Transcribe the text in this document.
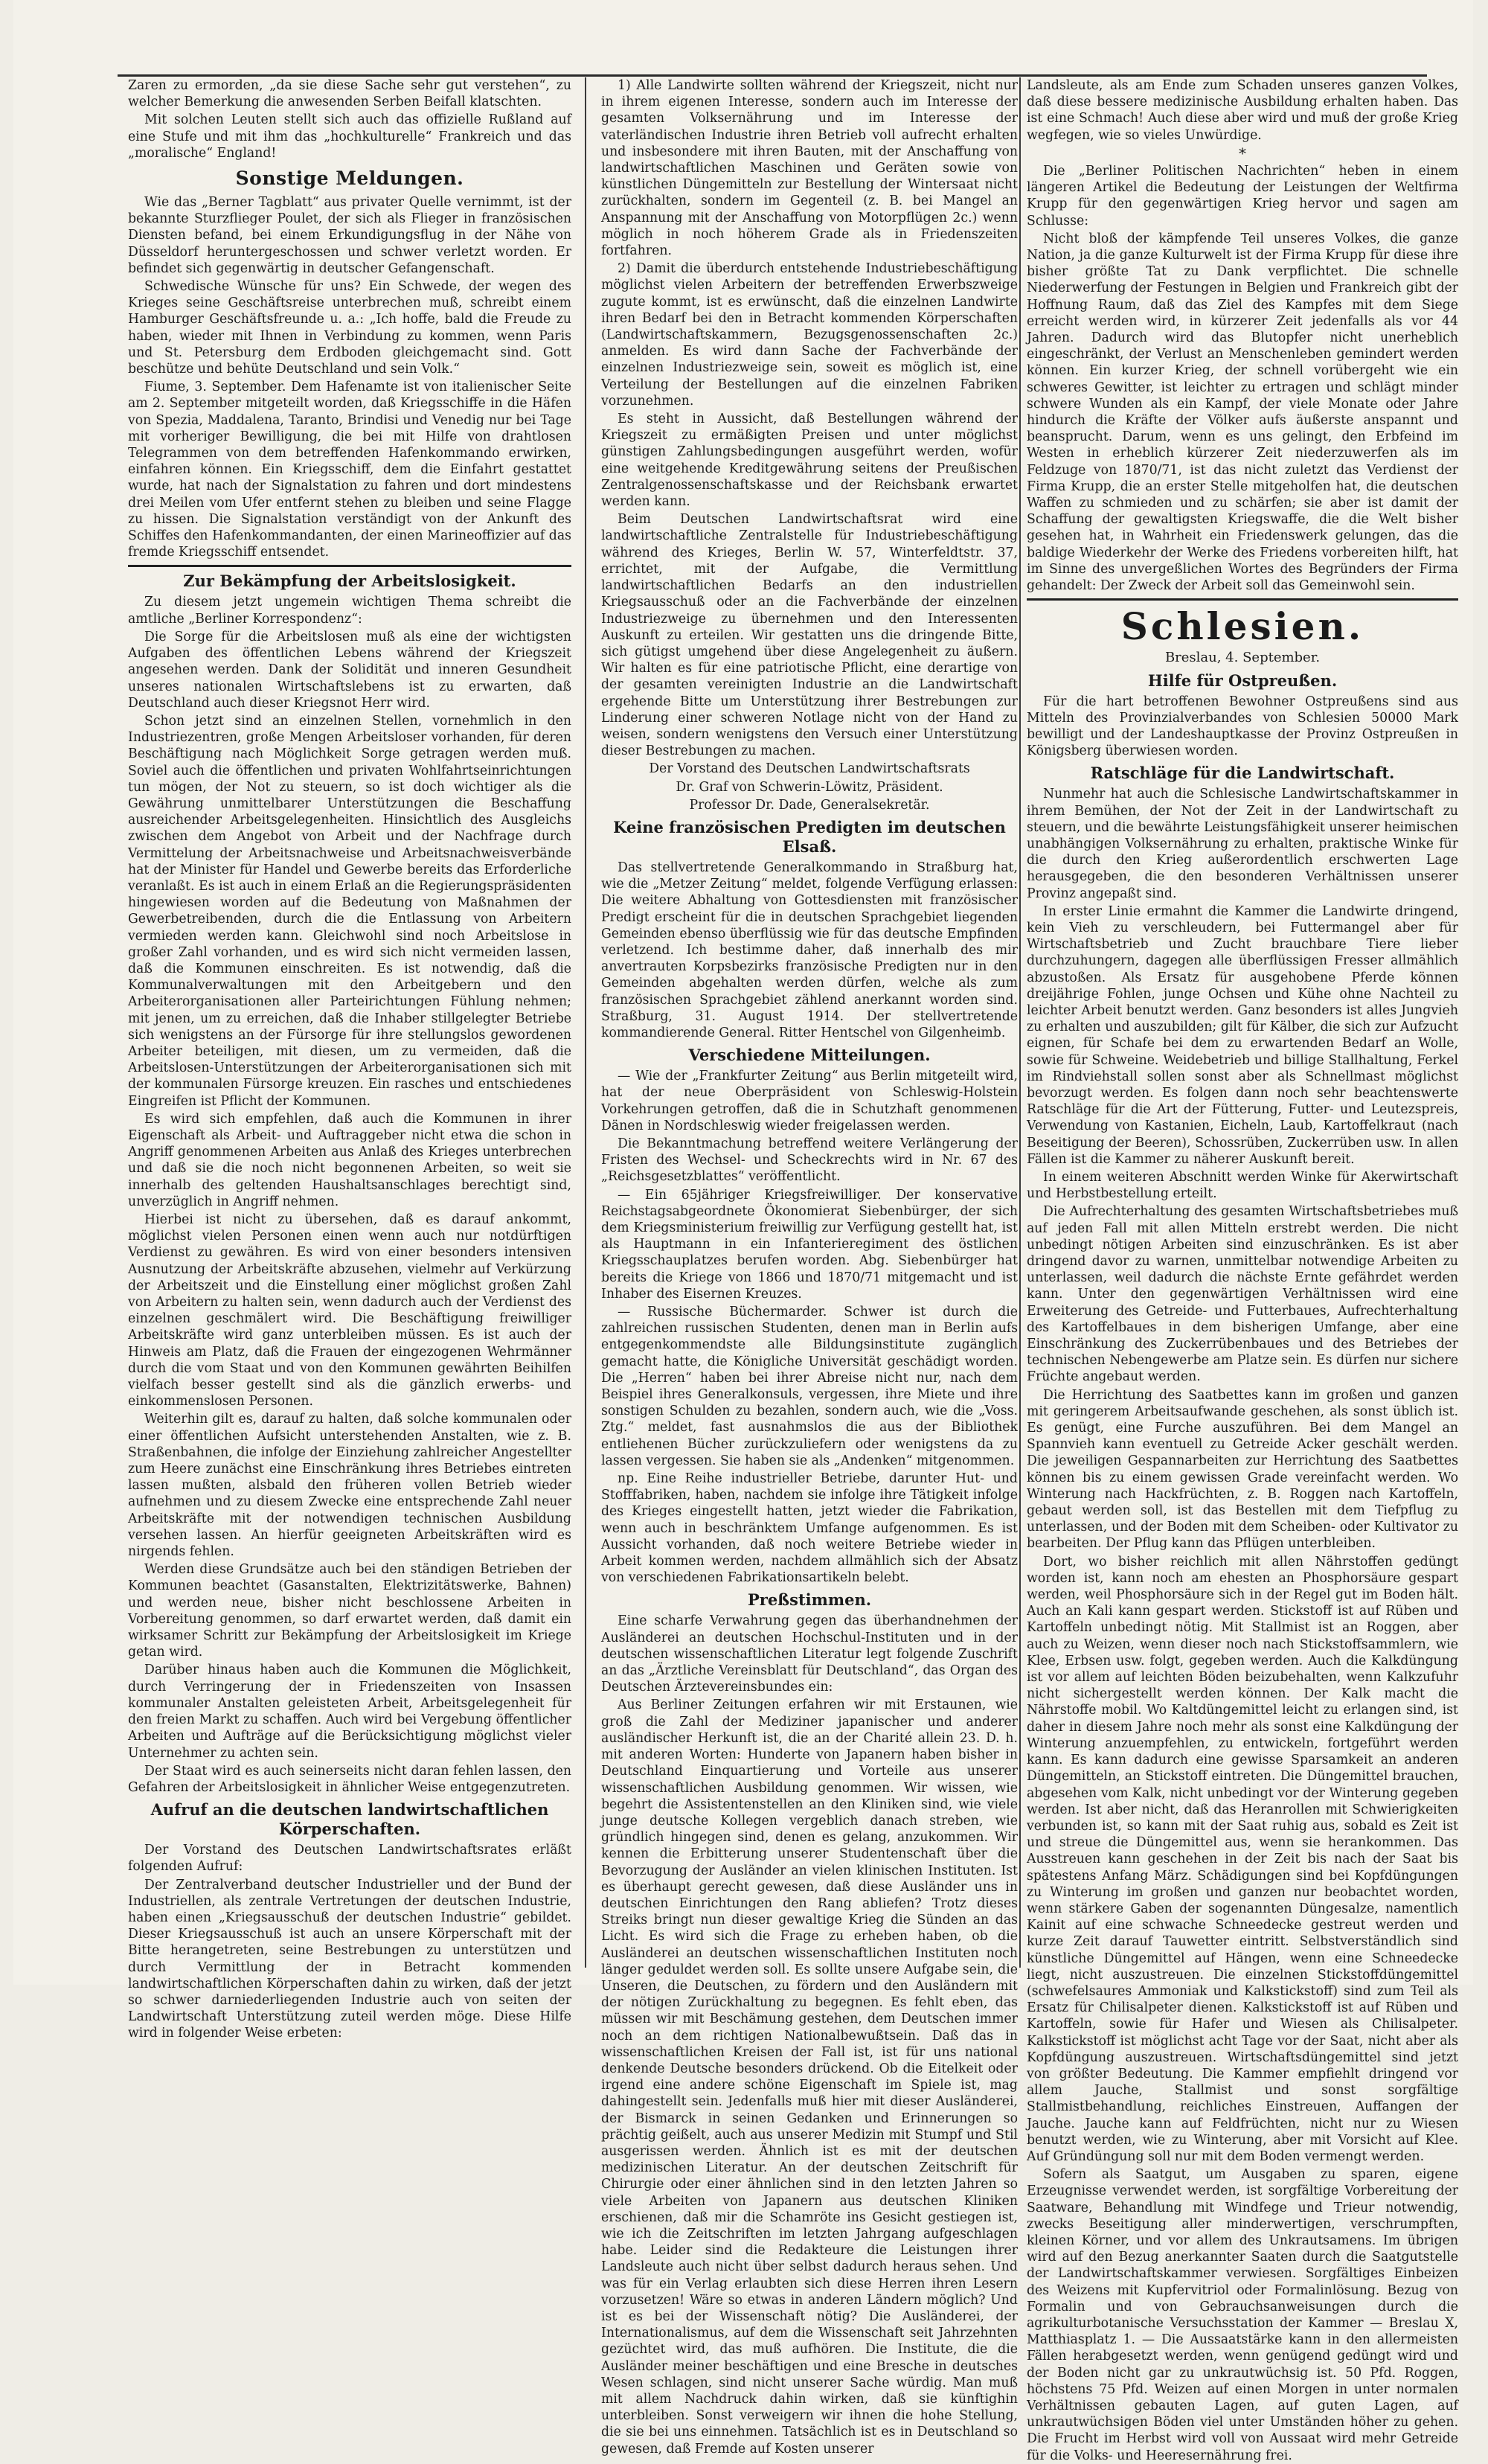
Zaren zu ermorden, „da sie diese Sache sehr gut verstehen“, zu welcher Bemerkung die anwesenden Serben Beifall klatschten.

Mit solchen Leuten stellt sich auch das offizielle Rußland auf eine Stufe und mit ihm das „hochkulturelle“ Frankreich und das „moralische“ England!

Sonstige Meldungen.

Wie das „Berner Tagblatt“ aus privater Quelle vernimmt, ist der bekannte Sturzflieger Poulet, der sich als Flieger in französischen Diensten befand, bei einem Erkundigungsflug in der Nähe von Düsseldorf heruntergeschossen und schwer verletzt worden. Er befindet sich gegenwärtig in deutscher Gefangenschaft.

Schwedische Wünsche für uns? Ein Schwede, der wegen des Krieges seine Geschäftsreise unterbrechen muß, schreibt einem Hamburger Geschäftsfreunde u. a.: „Ich hoffe, bald die Freude zu haben, wieder mit Ihnen in Verbindung zu kommen, wenn Paris und St. Petersburg dem Erdboden gleichgemacht sind. Gott beschütze und behüte Deutschland und sein Volk.“

Fiume, 3. September. Dem Hafenamte ist von italienischer Seite am 2. September mitgeteilt worden, daß Kriegsschiffe in die Häfen von Spezia, Maddalena, Taranto, Brindisi und Venedig nur bei Tage mit vorheriger Bewilligung, die bei mit Hilfe von drahtlosen Telegrammen von dem betreffenden Hafenkommando erwirken, einfahren können. Ein Kriegsschiff, dem die Einfahrt gestattet wurde, hat nach der Signalstation zu fahren und dort mindestens drei Meilen vom Ufer entfernt stehen zu bleiben und seine Flagge zu hissen. Die Signalstation verständigt von der Ankunft des Schiffes den Hafenkommandanten, der einen Marineoffizier auf das fremde Kriegsschiff entsendet.

Zur Bekämpfung der Arbeitslosigkeit.

Zu diesem jetzt ungemein wichtigen Thema schreibt die amtliche „Berliner Korrespondenz“:

Die Sorge für die Arbeitslosen muß als eine der wichtigsten Aufgaben des öffentlichen Lebens während der Kriegszeit angesehen werden. Dank der Solidität und inneren Gesundheit unseres nationalen Wirtschaftslebens ist zu erwarten, daß Deutschland auch dieser Kriegsnot Herr wird.

Schon jetzt sind an einzelnen Stellen, vornehmlich in den Industriezentren, große Mengen Arbeitsloser vorhanden, für deren Beschäftigung nach Möglichkeit Sorge getragen werden muß. Soviel auch die öffentlichen und privaten Wohlfahrtseinrichtungen tun mögen, der Not zu steuern, so ist doch wichtiger als die Gewährung unmittelbarer Unterstützungen die Beschaffung ausreichender Arbeitsgelegenheiten. Hinsichtlich des Ausgleichs zwischen dem Angebot von Arbeit und der Nachfrage durch Vermittelung der Arbeitsnachweise und Arbeitsnachweisverbände hat der Minister für Handel und Gewerbe bereits das Erforderliche veranlaßt. Es ist auch in einem Erlaß an die Regierungspräsidenten hingewiesen worden auf die Bedeutung von Maßnahmen der Gewerbetreibenden, durch die die Entlassung von Arbeitern vermieden werden kann. Gleichwohl sind noch Arbeitslose in großer Zahl vorhanden, und es wird sich nicht vermeiden lassen, daß die Kommunen einschreiten. Es ist notwendig, daß die Kommunalverwaltungen mit den Arbeitgebern und den Arbeiterorganisationen aller Parteirichtungen Fühlung nehmen; mit jenen, um zu erreichen, daß die Inhaber stillgelegter Betriebe sich wenigstens an der Fürsorge für ihre stellungslos gewordenen Arbeiter beteiligen, mit diesen, um zu vermeiden, daß die Arbeitslosen-Unterstützungen der Arbeiterorganisationen sich mit der kommunalen Fürsorge kreuzen. Ein rasches und entschiedenes Eingreifen ist Pflicht der Kommunen.

Es wird sich empfehlen, daß auch die Kommunen in ihrer Eigenschaft als Arbeit- und Auftraggeber nicht etwa die schon in Angriff genommenen Arbeiten aus Anlaß des Krieges unterbrechen und daß sie die noch nicht begonnenen Arbeiten, so weit sie innerhalb des geltenden Haushaltsanschlages berechtigt sind, unverzüglich in Angriff nehmen.

Hierbei ist nicht zu übersehen, daß es darauf ankommt, möglichst vielen Personen einen wenn auch nur notdürftigen Verdienst zu gewähren. Es wird von einer besonders intensiven Ausnutzung der Arbeitskräfte abzusehen, vielmehr auf Verkürzung der Arbeitszeit und die Einstellung einer möglichst großen Zahl von Arbeitern zu halten sein, wenn dadurch auch der Verdienst des einzelnen geschmälert wird. Die Beschäftigung freiwilliger Arbeitskräfte wird ganz unterbleiben müssen. Es ist auch der Hinweis am Platz, daß die Frauen der eingezogenen Wehrmänner durch die vom Staat und von den Kommunen gewährten Beihilfen vielfach besser gestellt sind als die gänzlich erwerbs- und einkommenslosen Personen.

Weiterhin gilt es, darauf zu halten, daß solche kommunalen oder einer öffentlichen Aufsicht unterstehenden Anstalten, wie z. B. Straßenbahnen, die infolge der Einziehung zahlreicher Angestellter zum Heere zunächst eine Einschränkung ihres Betriebes eintreten lassen mußten, alsbald den früheren vollen Betrieb wieder aufnehmen und zu diesem Zwecke eine entsprechende Zahl neuer Arbeitskräfte mit der notwendigen technischen Ausbildung versehen lassen. An hierfür geeigneten Arbeitskräften wird es nirgends fehlen.

Werden diese Grundsätze auch bei den ständigen Betrieben der Kommunen beachtet (Gasanstalten, Elektrizitätswerke, Bahnen) und werden neue, bisher nicht beschlossene Arbeiten in Vorbereitung genommen, so darf erwartet werden, daß damit ein wirksamer Schritt zur Bekämpfung der Arbeitslosigkeit im Kriege getan wird.

Darüber hinaus haben auch die Kommunen die Möglichkeit, durch Verringerung der in Friedenszeiten von Insassen kommunaler Anstalten geleisteten Arbeit, Arbeitsgelegenheit für den freien Markt zu schaffen. Auch wird bei Vergebung öffentlicher Arbeiten und Aufträge auf die Berücksichtigung möglichst vieler Unternehmer zu achten sein.

Der Staat wird es auch seinerseits nicht daran fehlen lassen, den Gefahren der Arbeitslosigkeit in ähnlicher Weise entgegenzutreten.

Aufruf an die deutschen landwirtschaftlichen Körperschaften.

Der Vorstand des Deutschen Landwirtschaftsrates erläßt folgenden Aufruf:

Der Zentralverband deutscher Industrieller und der Bund der Industriellen, als zentrale Vertretungen der deutschen Industrie, haben einen „Kriegsausschuß der deutschen Industrie“ gebildet. Dieser Kriegsausschuß ist auch an unsere Körperschaft mit der Bitte herangetreten, seine Bestrebungen zu unterstützen und durch Vermittlung der in Betracht kommenden landwirtschaftlichen Körperschaften dahin zu wirken, daß der jetzt so schwer darniederliegenden Industrie auch von seiten der Landwirtschaft Unterstützung zuteil werden möge. Diese Hilfe wird in folgender Weise erbeten:

1) Alle Landwirte sollten während der Kriegszeit, nicht nur in ihrem eigenen Interesse, sondern auch im Interesse der gesamten Volksernährung und im Interesse der vaterländischen Industrie ihren Betrieb voll aufrecht erhalten und insbesondere mit ihren Bauten, mit der Anschaffung von landwirtschaftlichen Maschinen und Geräten sowie von künstlichen Düngemitteln zur Bestellung der Wintersaat nicht zurückhalten, sondern im Gegenteil (z. B. bei Mangel an Anspannung mit der Anschaffung von Motorpflügen 2c.) wenn möglich in noch höherem Grade als in Friedenszeiten fortfahren.

2) Damit die überdurch entstehende Industriebeschäftigung möglichst vielen Arbeitern der betreffenden Erwerbszweige zugute kommt, ist es erwünscht, daß die einzelnen Landwirte ihren Bedarf bei den in Betracht kommenden Körperschaften (Landwirtschaftskammern, Bezugsgenossenschaften 2c.) anmelden. Es wird dann Sache der Fachverbände der einzelnen Industriezweige sein, soweit es möglich ist, eine Verteilung der Bestellungen auf die einzelnen Fabriken vorzunehmen.

Es steht in Aussicht, daß Bestellungen während der Kriegszeit zu ermäßigten Preisen und unter möglichst günstigen Zahlungsbedingungen ausgeführt werden, wofür eine weitgehende Kreditgewährung seitens der Preußischen Zentralgenossenschaftskasse und der Reichsbank erwartet werden kann.

Beim Deutschen Landwirtschaftsrat wird eine landwirtschaftliche Zentralstelle für Industriebeschäftigung während des Krieges, Berlin W. 57, Winterfeldtstr. 37, errichtet, mit der Aufgabe, die Vermittlung landwirtschaftlichen Bedarfs an den industriellen Kriegsausschuß oder an die Fachverbände der einzelnen Industriezweige zu übernehmen und den Interessenten Auskunft zu erteilen. Wir gestatten uns die dringende Bitte, sich gütigst umgehend über diese Angelegenheit zu äußern. Wir halten es für eine patriotische Pflicht, eine derartige von der gesamten vereinigten Industrie an die Landwirtschaft ergehende Bitte um Unterstützung ihrer Bestrebungen zur Linderung einer schweren Notlage nicht von der Hand zu weisen, sondern wenigstens den Versuch einer Unterstützung dieser Bestrebungen zu machen.

Der Vorstand des Deutschen Landwirtschaftsrats

Dr. Graf von Schwerin-Löwitz, Präsident.

Professor Dr. Dade, Generalsekretär.

Keine französischen Predigten im deutschen Elsaß.

Das stellvertretende Generalkommando in Straßburg hat, wie die „Metzer Zeitung“ meldet, folgende Verfügung erlassen: Die weitere Abhaltung von Gottesdiensten mit französischer Predigt erscheint für die in deutschen Sprachgebiet liegenden Gemeinden ebenso überflüssig wie für das deutsche Empfinden verletzend. Ich bestimme daher, daß innerhalb des mir anvertrauten Korpsbezirks französische Predigten nur in den Gemeinden abgehalten werden dürfen, welche als zum französischen Sprachgebiet zählend anerkannt worden sind. Straßburg, 31. August 1914. Der stellvertretende kommandierende General. Ritter Hentschel von Gilgenheimb.

Verschiedene Mitteilungen.

— Wie der „Frankfurter Zeitung“ aus Berlin mitgeteilt wird, hat der neue Oberpräsident von Schleswig-Holstein Vorkehrungen getroffen, daß die in Schutzhaft genommenen Dänen in Nordschleswig wieder freigelassen werden.

Die Bekanntmachung betreffend weitere Verlängerung der Fristen des Wechsel- und Scheckrechts wird in Nr. 67 des „Reichsgesetzblattes“ veröffentlicht.

— Ein 65jähriger Kriegsfreiwilliger. Der konservative Reichstagsabgeordnete Ökonomierat Siebenbürger, der sich dem Kriegsministerium freiwillig zur Verfügung gestellt hat, ist als Hauptmann in ein Infanterieregiment des östlichen Kriegsschauplatzes berufen worden. Abg. Siebenbürger hat bereits die Kriege von 1866 und 1870/71 mitgemacht und ist Inhaber des Eisernen Kreuzes.

— Russische Büchermarder. Schwer ist durch die zahlreichen russischen Studenten, denen man in Berlin aufs entgegenkommendste alle Bildungsinstitute zugänglich gemacht hatte, die Königliche Universität geschädigt worden. Die „Herren“ haben bei ihrer Abreise nicht nur, nach dem Beispiel ihres Generalkonsuls, vergessen, ihre Miete und ihre sonstigen Schulden zu bezahlen, sondern auch, wie die „Voss. Ztg.“ meldet, fast ausnahmslos die aus der Bibliothek entliehenen Bücher zurückzuliefern oder wenigstens da zu lassen vergessen. Sie haben sie als „Andenken“ mitgenommen.

np. Eine Reihe industrieller Betriebe, darunter Hut- und Stofffabriken, haben, nachdem sie infolge ihre Tätigkeit infolge des Krieges eingestellt hatten, jetzt wieder die Fabrikation, wenn auch in beschränktem Umfange aufgenommen. Es ist Aussicht vorhanden, daß noch weitere Betriebe wieder in Arbeit kommen werden, nachdem allmählich sich der Absatz von verschiedenen Fabrikationsartikeln belebt.

Preßstimmen.

Eine scharfe Verwahrung gegen das überhandnehmen der Ausländerei an deutschen Hochschul-Instituten und in der deutschen wissenschaftlichen Literatur legt folgende Zuschrift an das „Ärztliche Vereinsblatt für Deutschland“, das Organ des Deutschen Ärztevereinsbundes ein:

Aus Berliner Zeitungen erfahren wir mit Erstaunen, wie groß die Zahl der Mediziner japanischer und anderer ausländischer Herkunft ist, die an der Charité allein 23. D. h. mit anderen Worten: Hunderte von Japanern haben bisher in Deutschland Einquartierung und Vorteile aus unserer wissenschaftlichen Ausbildung genommen. Wir wissen, wie begehrt die Assistentenstellen an den Kliniken sind, wie viele junge deutsche Kollegen vergeblich danach streben, wie gründlich hingegen sind, denen es gelang, anzukommen. Wir kennen die Erbitterung unserer Studentenschaft über die Bevorzugung der Ausländer an vielen klinischen Instituten. Ist es überhaupt gerecht gewesen, daß diese Ausländer uns in deutschen Einrichtungen den Rang abliefen? Trotz dieses Streiks bringt nun dieser gewaltige Krieg die Sünden an das Licht. Es wird sich die Frage zu erheben haben, ob die Ausländerei an deutschen wissenschaftlichen Instituten noch länger geduldet werden soll. Es sollte unsere Aufgabe sein, die Unseren, die Deutschen, zu fördern und den Ausländern mit der nötigen Zurückhaltung zu begegnen. Es fehlt eben, das müssen wir mit Beschämung gestehen, dem Deutschen immer noch an dem richtigen Nationalbewußtsein. Daß das in wissenschaftlichen Kreisen der Fall ist, ist für uns national denkende Deutsche besonders drückend. Ob die Eitelkeit oder irgend eine andere schöne Eigenschaft im Spiele ist, mag dahingestellt sein. Jedenfalls muß hier mit dieser Ausländerei, der Bismarck in seinen Gedanken und Erinnerungen so prächtig geißelt, auch aus unserer Medizin mit Stumpf und Stil ausgerissen werden. Ähnlich ist es mit der deutschen medizinischen Literatur. An der deutschen Zeitschrift für Chirurgie oder einer ähnlichen sind in den letzten Jahren so viele Arbeiten von Japanern aus deutschen Kliniken erschienen, daß mir die Schamröte ins Gesicht gestiegen ist, wie ich die Zeitschriften im letzten Jahrgang aufgeschlagen habe. Leider sind die Redakteure die Leistungen ihrer Landsleute auch nicht über selbst dadurch heraus sehen. Und was für ein Verlag erlaubten sich diese Herren ihren Lesern vorzusetzen! Wäre so etwas in anderen Ländern möglich? Und ist es bei der Wissenschaft nötig? Die Ausländerei, der Internationalismus, auf dem die Wissenschaft seit Jahrzehnten gezüchtet wird, das muß aufhören. Die Institute, die die Ausländer meiner beschäftigen und eine Bresche in deutsches Wesen schlagen, sind nicht unserer Sache würdig. Man muß mit allem Nachdruck dahin wirken, daß sie künftighin unterbleiben. Sonst verweigern wir ihnen die hohe Stellung, die sie bei uns einnehmen. Tatsächlich ist es in Deutschland so gewesen, daß Fremde auf Kosten unserer

Landsleute, als am Ende zum Schaden unseres ganzen Volkes, daß diese bessere medizinische Ausbildung erhalten haben. Das ist eine Schmach! Auch diese aber wird und muß der große Krieg wegfegen, wie so vieles Unwürdige.

*

Die „Berliner Politischen Nachrichten“ heben in einem längeren Artikel die Bedeutung der Leistungen der Weltfirma Krupp für den gegenwärtigen Krieg hervor und sagen am Schlusse:

Nicht bloß der kämpfende Teil unseres Volkes, die ganze Nation, ja die ganze Kulturwelt ist der Firma Krupp für diese ihre bisher größte Tat zu Dank verpflichtet. Die schnelle Niederwerfung der Festungen in Belgien und Frankreich gibt der Hoffnung Raum, daß das Ziel des Kampfes mit dem Siege erreicht werden wird, in kürzerer Zeit jedenfalls als vor 44 Jahren. Dadurch wird das Blutopfer nicht unerheblich eingeschränkt, der Verlust an Menschenleben gemindert werden können. Ein kurzer Krieg, der schnell vorübergeht wie ein schweres Gewitter, ist leichter zu ertragen und schlägt minder schwere Wunden als ein Kampf, der viele Monate oder Jahre hindurch die Kräfte der Völker aufs äußerste anspannt und beansprucht. Darum, wenn es uns gelingt, den Erbfeind im Westen in erheblich kürzerer Zeit niederzuwerfen als im Feldzuge von 1870/71, ist das nicht zuletzt das Verdienst der Firma Krupp, die an erster Stelle mitgeholfen hat, die deutschen Waffen zu schmieden und zu schärfen; sie aber ist damit der Schaffung der gewaltigsten Kriegswaffe, die die Welt bisher gesehen hat, in Wahrheit ein Friedenswerk gelungen, das die baldige Wiederkehr der Werke des Friedens vorbereiten hilft, hat im Sinne des unvergeßlichen Wortes des Begründers der Firma gehandelt: Der Zweck der Arbeit soll das Gemeinwohl sein.

Schlesien.
Breslau, 4. September.
Hilfe für Ostpreußen.

Für die hart betroffenen Bewohner Ostpreußens sind aus Mitteln des Provinzialverbandes von Schlesien 50000 Mark bewilligt und der Landeshauptkasse der Provinz Ostpreußen in Königsberg überwiesen worden.

Ratschläge für die Landwirtschaft.

Nunmehr hat auch die Schlesische Landwirtschaftskammer in ihrem Bemühen, der Not der Zeit in der Landwirtschaft zu steuern, und die bewährte Leistungsfähigkeit unserer heimischen unabhängigen Volksernährung zu erhalten, praktische Winke für die durch den Krieg außerordentlich erschwerten Lage herausgegeben, die den besonderen Verhältnissen unserer Provinz angepaßt sind.

In erster Linie ermahnt die Kammer die Landwirte dringend, kein Vieh zu verschleudern, bei Futtermangel aber für Wirtschaftsbetrieb und Zucht brauchbare Tiere lieber durchzuhungern, dagegen alle überflüssigen Fresser allmählich abzustoßen. Als Ersatz für ausgehobene Pferde können dreijährige Fohlen, junge Ochsen und Kühe ohne Nachteil zu leichter Arbeit benutzt werden. Ganz besonders ist alles Jungvieh zu erhalten und auszubilden; gilt für Kälber, die sich zur Aufzucht eignen, für Schafe bei dem zu erwartenden Bedarf an Wolle, sowie für Schweine. Weidebetrieb und billige Stallhaltung, Ferkel im Rindviehstall sollen sonst aber als Schnellmast möglichst bevorzugt werden. Es folgen dann noch sehr beachtenswerte Ratschläge für die Art der Fütterung, Futter- und Leutezspreis, Verwendung von Kastanien, Eicheln, Laub, Kartoffelkraut (nach Beseitigung der Beeren), Schossrüben, Zuckerrüben usw. In allen Fällen ist die Kammer zu näherer Auskunft bereit.

In einem weiteren Abschnitt werden Winke für Akerwirtschaft und Herbstbestellung erteilt.

Die Aufrechterhaltung des gesamten Wirtschaftsbetriebes muß auf jeden Fall mit allen Mitteln erstrebt werden. Die nicht unbedingt nötigen Arbeiten sind einzuschränken. Es ist aber dringend davor zu warnen, unmittelbar notwendige Arbeiten zu unterlassen, weil dadurch die nächste Ernte gefährdet werden kann. Unter den gegenwärtigen Verhältnissen wird eine Erweiterung des Getreide- und Futterbaues, Aufrechterhaltung des Kartoffelbaues in dem bisherigen Umfange, aber eine Einschränkung des Zuckerrübenbaues und des Betriebes der technischen Nebengewerbe am Platze sein. Es dürfen nur sichere Früchte angebaut werden.

Die Herrichtung des Saatbettes kann im großen und ganzen mit geringerem Arbeitsaufwande geschehen, als sonst üblich ist. Es genügt, eine Furche auszuführen. Bei dem Mangel an Spannvieh kann eventuell zu Getreide Acker geschält werden. Die jeweiligen Gespannarbeiten zur Herrichtung des Saatbettes können bis zu einem gewissen Grade vereinfacht werden. Wo Winterung nach Hackfrüchten, z. B. Roggen nach Kartoffeln, gebaut werden soll, ist das Bestellen mit dem Tiefpflug zu unterlassen, und der Boden mit dem Scheiben- oder Kultivator zu bearbeiten. Der Pflug kann das Pflügen unterbleiben.

Dort, wo bisher reichlich mit allen Nährstoffen gedüngt worden ist, kann noch am ehesten an Phosphorsäure gespart werden, weil Phosphorsäure sich in der Regel gut im Boden hält. Auch an Kali kann gespart werden. Stickstoff ist auf Rüben und Kartoffeln unbedingt nötig. Mit Stallmist ist an Roggen, aber auch zu Weizen, wenn dieser noch nach Stickstoffsammlern, wie Klee, Erbsen usw. folgt, gegeben werden. Auch die Kalkdüngung ist vor allem auf leichten Böden beizubehalten, wenn Kalkzufuhr nicht sichergestellt werden können. Der Kalk macht die Nährstoffe mobil. Wo Kaltdüngemittel leicht zu erlangen sind, ist daher in diesem Jahre noch mehr als sonst eine Kalkdüngung der Winterung anzuempfehlen, zu entwickeln, fortgeführt werden kann. Es kann dadurch eine gewisse Sparsamkeit an anderen Düngemitteln, an Stickstoff eintreten. Die Düngemittel brauchen, abgesehen vom Kalk, nicht unbedingt vor der Winterung gegeben werden. Ist aber nicht, daß das Heranrollen mit Schwierigkeiten verbunden ist, so kann mit der Saat ruhig aus, sobald es Zeit ist und streue die Düngemittel aus, wenn sie herankommen. Das Ausstreuen kann geschehen in der Zeit bis nach der Saat bis spätestens Anfang März. Schädigungen sind bei Kopfdüngungen zu Winterung im großen und ganzen nur beobachtet worden, wenn stärkere Gaben der sogenannten Düngesalze, namentlich Kainit auf eine schwache Schneedecke gestreut werden und kurze Zeit darauf Tauwetter eintritt. Selbstverständlich sind künstliche Düngemittel auf Hängen, wenn eine Schneedecke liegt, nicht auszustreuen. Die einzelnen Stickstoffdüngemittel (schwefelsaures Ammoniak und Kalkstickstoff) sind zum Teil als Ersatz für Chilisalpeter dienen. Kalkstickstoff ist auf Rüben und Kartoffeln, sowie für Hafer und Wiesen als Chilisalpeter. Kalkstickstoff ist möglichst acht Tage vor der Saat, nicht aber als Kopfdüngung auszustreuen. Wirtschaftsdüngemittel sind jetzt von größter Bedeutung. Die Kammer empfiehlt dringend vor allem Jauche, Stallmist und sonst sorgfältige Stallmistbehandlung, reichliches Einstreuen, Auffangen der Jauche. Jauche kann auf Feldfrüchten, nicht nur zu Wiesen benutzt werden, wie zu Winterung, aber mit Vorsicht auf Klee. Auf Gründüngung soll nur mit dem Boden vermengt werden.

Sofern als Saatgut, um Ausgaben zu sparen, eigene Erzeugnisse verwendet werden, ist sorgfältige Vorbereitung der Saatware, Behandlung mit Windfege und Trieur notwendig, zwecks Beseitigung aller minderwertigen, verschrumpften, kleinen Körner, und vor allem des Unkrautsamens. Im übrigen wird auf den Bezug anerkannter Saaten durch die Saatgutstelle der Landwirtschaftskammer verwiesen. Sorgfältiges Einbeizen des Weizens mit Kupfervitriol oder Formalinlösung. Bezug von Formalin und von Gebrauchsanweisungen durch die agrikulturbotanische Versuchsstation der Kammer — Breslau X, Matthiasplatz 1. — Die Aussaatstärke kann in den allermeisten Fällen herabgesetzt werden, wenn genügend gedüngt wird und der Boden nicht gar zu unkrautwüchsig ist. 50 Pfd. Roggen, höchstens 75 Pfd. Weizen auf einen Morgen in unter normalen Verhältnissen gebauten Lagen, auf guten Lagen, auf unkrautwüchsigen Böden viel unter Umständen höher zu gehen. Die Frucht im Herbst wird voll von Aussaat wird mehr Getreide für die Volks- und Heeresernährung frei.
